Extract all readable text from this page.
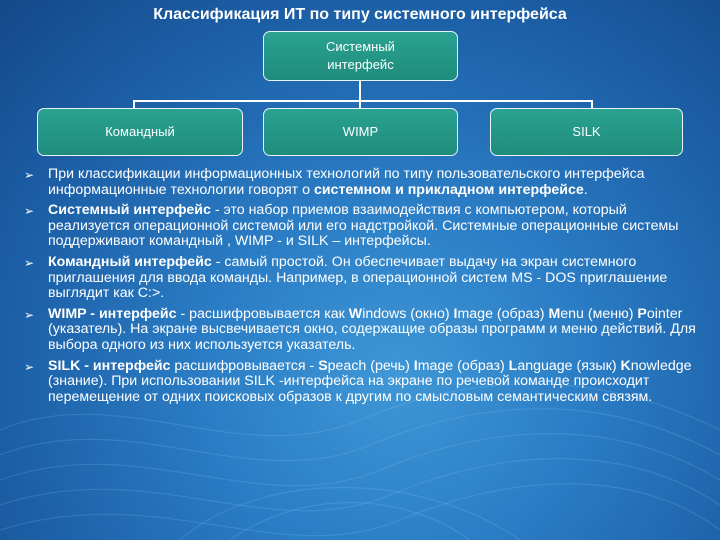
Классификация ИТ по типу системного интерфейса
Системный интерфейс
Командный	WIMP	SILK
➢ При классификации информационных технологий по типу пользовательского интерфейса информационные технологии говорят о системном и прикладном интерфейсе.
➢ Системный интерфейс - это набор приемов взаимодействия с компьютером, который реализуется операционной системой или его надстройкой. Системные операционные системы поддерживают командный , WIMP - и SILK – интерфейсы.
➢ Командный интерфейс - самый простой. Он обеспечивает выдачу на экран системного приглашения для ввода команды. Например, в операционной систем MS - DOS приглашение выглядит как С:>.
➢ WIMP - интерфейс - расшифровывается как Windows (окно) Image (образ) Menu (меню) Pointer (указатель). На экране высвечивается окно, содержащие образы программ и меню действий. Для выбора одного из них используется указатель.
➢ SILK - интерфейс расшифровывается - Speach (речь) Image (образ) Language (язык) Knowledge (знание). При использовании SILK -интерфейса на экране по речевой команде происходит перемещение от одних поисковых образов к другим по смысловым семантическим связям.
